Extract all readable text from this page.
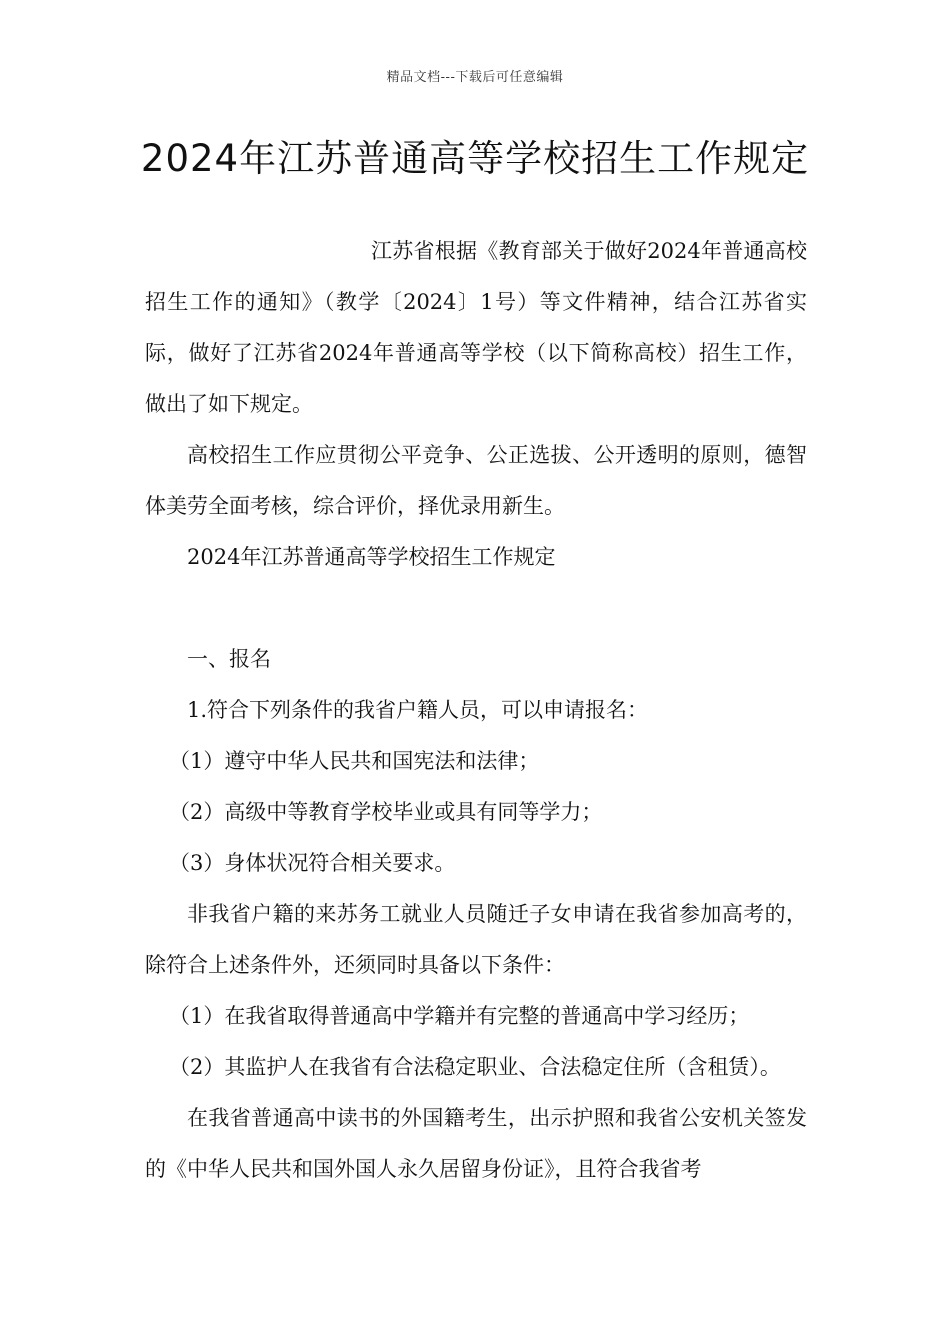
精品文档---下载后可任意编辑
2024年江苏普通高等学校招生工作规定

江苏省根据《教育部关于做好2024年普通高校招生工作的通知》（教学〔2024〕1号）等文件精神，结合江苏省实际，做好了江苏省2024年普通高等学校（以下简称高校）招生工作，做出了如下规定。

高校招生工作应贯彻公平竞争、公正选拔、公开透明的原则，德智体美劳全面考核，综合评价，择优录用新生。

2024年江苏普通高等学校招生工作规定

一、报名

1.符合下列条件的我省户籍人员，可以申请报名：

（1）遵守中华人民共和国宪法和法律；

（2）高级中等教育学校毕业或具有同等学力；

（3）身体状况符合相关要求。

非我省户籍的来苏务工就业人员随迁子女申请在我省参加高考的，除符合上述条件外，还须同时具备以下条件：

（1）在我省取得普通高中学籍并有完整的普通高中学习经历；

（2）其监护人在我省有合法稳定职业、合法稳定住所（含租赁）。

在我省普通高中读书的外国籍考生，出示护照和我省公安机关签发的《中华人民共和国外国人永久居留身份证》，且符合我省考
